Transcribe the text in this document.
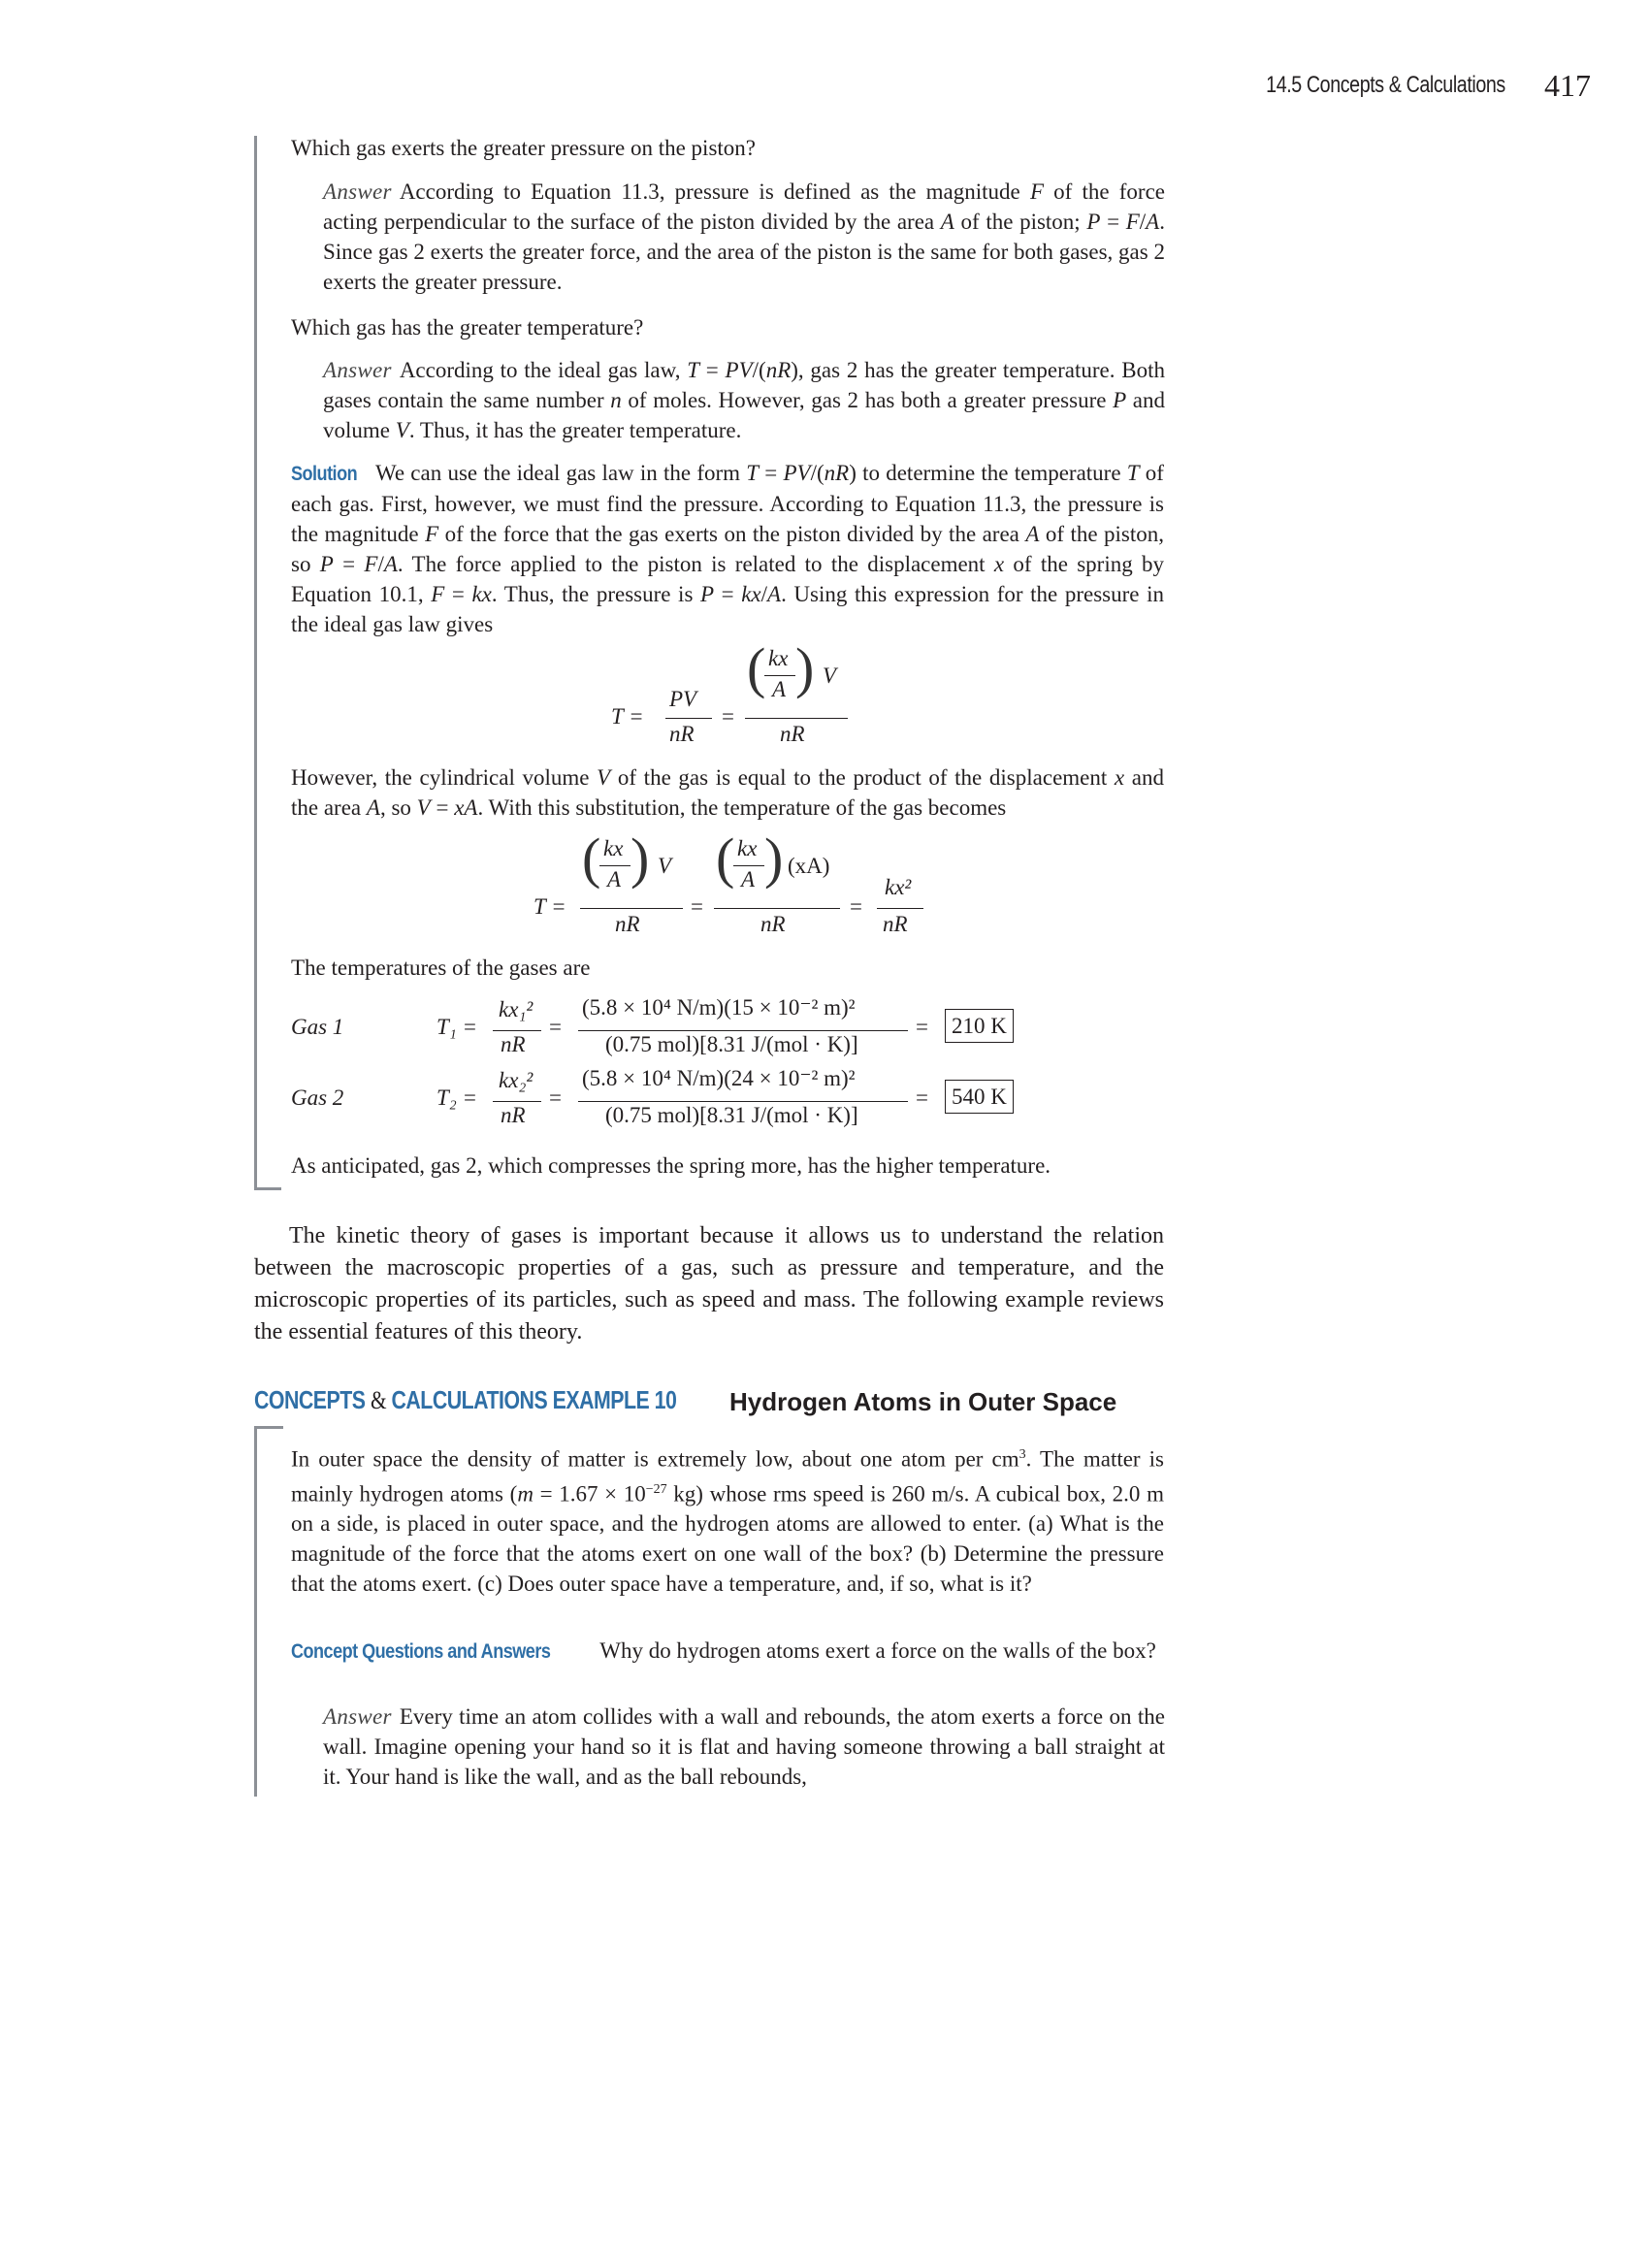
14.5 Concepts & Calculations 417

Which gas exerts the greater pressure on the piston?

Answer According to Equation 11.3, pressure is defined as the magnitude F of the force acting perpendicular to the surface of the piston divided by the area A of the piston; P = F/A. Since gas 2 exerts the greater force, and the area of the piston is the same for both gases, gas 2 exerts the greater pressure.

Which gas has the greater temperature?

Answer According to the ideal gas law, T = PV/(nR), gas 2 has the greater temperature. Both gases contain the same number n of moles. However, gas 2 has both a greater pressure P and volume V. Thus, it has the greater temperature.

Solution We can use the ideal gas law in the form T = PV/(nR) to determine the temperature T of each gas. First, however, we must find the pressure. According to Equation 11.3, the pressure is the magnitude F of the force that the gas exerts on the piston divided by the area A of the piston, so P = F/A. The force applied to the piston is related to the displacement x of the spring by Equation 10.1, F = kx. Thus, the pressure is P = kx/A. Using this expression for the pressure in the ideal gas law gives

T =
PV
nR
=
( kx
A ) V
nR

However, the cylindrical volume V of the gas is equal to the product of the displacement x and the area A, so V = xA. With this substitution, the temperature of the gas becomes

T =
( kx
A ) V
nR
=
( kx
A ) (xA)
nR
=
kx²
nR

The temperatures of the gases are

Gas 1	T₁ =
kx₁²
nR
=
(5.8 × 10⁴ N/m)(15 × 10⁻² m)²
(0.75 mol)[8.31 J/(mol · K)]
=	210 K
Gas 2	T₂ =
kx₂²
nR
=
(5.8 × 10⁴ N/m)(24 × 10⁻² m)²
(0.75 mol)[8.31 J/(mol · K)]
=	540 K

As anticipated, gas 2, which compresses the spring more, has the higher temperature.

The kinetic theory of gases is important because it allows us to understand the relation between the macroscopic properties of a gas, such as pressure and temperature, and the microscopic properties of its particles, such as speed and mass. The following example reviews the essential features of this theory.

CONCEPTS & CALCULATIONS EXAMPLE 10 Hydrogen Atoms in Outer Space

In outer space the density of matter is extremely low, about one atom per $cm^3$. The matter is mainly hydrogen atoms ($m = 1.67 \times 10^{-27}$ kg) whose rms speed is 260 m/s. A cubical box, 2.0 m on a side, is placed in outer space, and the hydrogen atoms are allowed to enter. (a) What is the magnitude of the force that the atoms exert on one wall of the box? (b) Determine the pressure that the atoms exert. (c) Does outer space have a temperature, and, if so, what is it?

Concept Questions and Answers Why do hydrogen atoms exert a force on the walls of the box?

Answer Every time an atom collides with a wall and rebounds, the atom exerts a force on the wall. Imagine opening your hand so it is flat and having someone throwing a ball straight at it. Your hand is like the wall, and as the ball rebounds,
